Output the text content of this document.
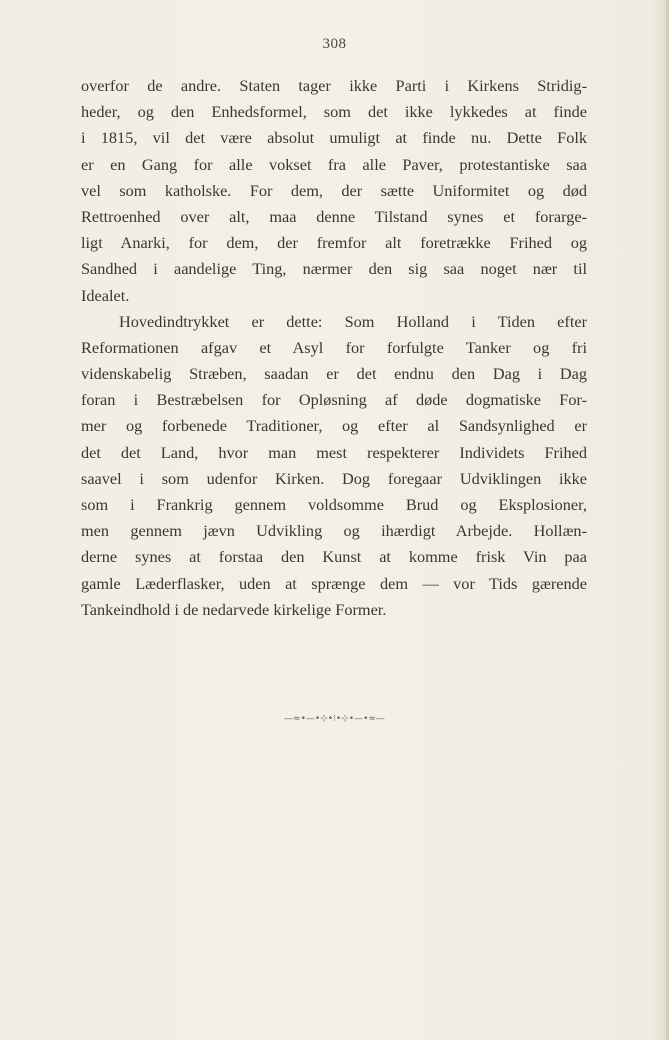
308
overfor de andre. Staten tager ikke Parti i Kirkens Stridig-
heder, og den Enhedsformel, som det ikke lykkedes at finde
i 1815, vil det være absolut umuligt at finde nu. Dette Folk
er en Gang for alle vokset fra alle Paver, protestantiske saa
vel som katholske. For dem, der sætte Uniformitet og død
Rettroenhed over alt, maa denne Tilstand synes et forarge-
ligt Anarki, for dem, der fremfor alt foretrække Frihed og
Sandhed i aandelige Ting, nærmer den sig saa noget nær til
Idealet.
Hovedindtrykket er dette: Som Holland i Tiden efter
Reformationen afgav et Asyl for forfulgte Tanker og fri
videnskabelig Stræben, saadan er det endnu den Dag i Dag
foran i Bestræbelsen for Opløsning af døde dogmatiske For-
mer og forbenede Traditioner, og efter al Sandsynlighed er
det det Land, hvor man mest respekterer Individets Frihed
saavel i som udenfor Kirken. Dog foregaar Udviklingen ikke
som i Frankrig gennem voldsomme Brud og Eksplosioner,
men gennem jævn Udvikling og ihærdigt Arbejde. Hollæn-
derne synes at forstaa den Kunst at komme frisk Vin paa
gamle Læderflasker, uden at sprænge dem — vor Tids gærende
Tankeindhold i de nedarvede kirkelige Former.
—≈•—•⊹•⁝•⊹•—•≈—
